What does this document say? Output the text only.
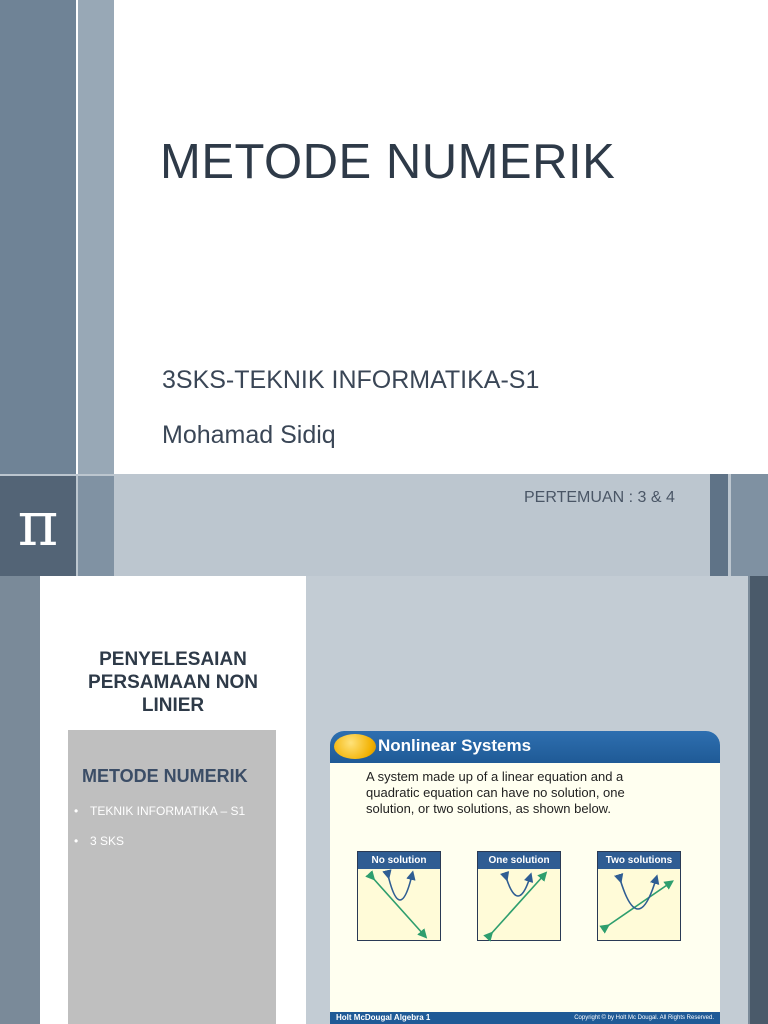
π
METODE NUMERIK
3SKS-TEKNIK INFORMATIKA-S1
Mohamad Sidiq
PERTEMUAN : 3 & 4
PENYELESAIAN
PERSAMAAN NON
LINIER
METODE NUMERIK
• TEKNIK INFORMATIKA – S1
• 3 SKS
Nonlinear Systems
A system made up of a linear equation and a
quadratic equation can have no solution, one
solution, or two solutions, as shown below.
No solution	One solution	Two solutions
Holt McDougal Algebra 1	Copyright © by Holt Mc Dougal. All Rights Reserved.
